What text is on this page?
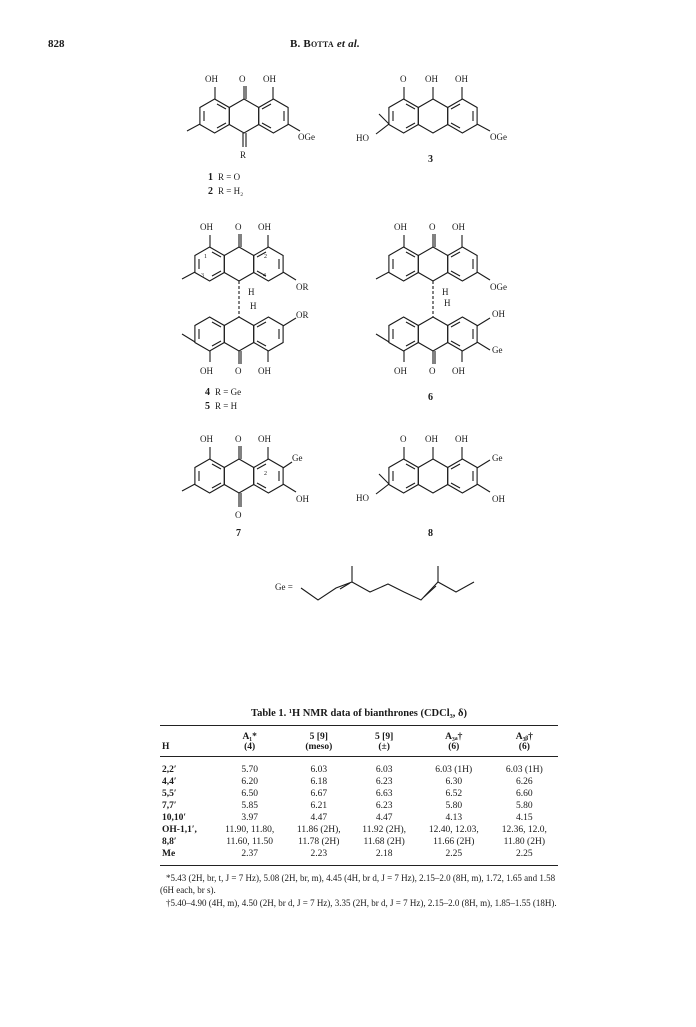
828	B. Botta et al.
OH O OH
OGe
R
1 R = O
2 R = H₂
O OH OH
HO	OGe
3
OH O OH
1	2
3	4
OR
H
H
OR
OH O OH
4 R = Ge
5 R = H
OH O OH
OGe
H
H
OH
Ge
OH O OH
6
OH O OH
Ge
2
OH
O
7
O OH OH
Ge
HO	OH
8
Ge =
Table 1. ¹H NMR data of bianthrones (CDCl₃, δ)
	A₁*	5 [9]	5 [9]	A₃ₐ†	A₃ᵦ†
H	(4)	(meso)	(±)	(6)	(6)
2,2′	5.70	6.03	6.03	6.03 (1H)	6.03 (1H)
4,4′	6.20	6.18	6.23	6.30	6.26
5,5′	6.50	6.67	6.63	6.52	6.60
7,7′	5.85	6.21	6.23	5.80	5.80
10,10′	3.97	4.47	4.47	4.13	4.15
OH-1,1′,	11.90, 11.80,	11.86 (2H),	11.92 (2H),	12.40, 12.03,	12.36, 12.0,
8,8′	11.60, 11.50	11.78 (2H)	11.68 (2H)	11.66 (2H)	11.80 (2H)
Me	2.37	2.23	2.18	2.25	2.25

*5.43 (2H, br, t, J = 7 Hz), 5.08 (2H, br, m), 4.45 (4H, br d, J = 7 Hz), 2.15–2.0 (8H, m), 1.72, 1.65 and 1.58 (6H each, br s).

†5.40–4.90 (4H, m), 4.50 (2H, br d, J = 7 Hz), 3.35 (2H, br d, J = 7 Hz), 2.15–2.0 (8H, m), 1.85–1.55 (18H).
